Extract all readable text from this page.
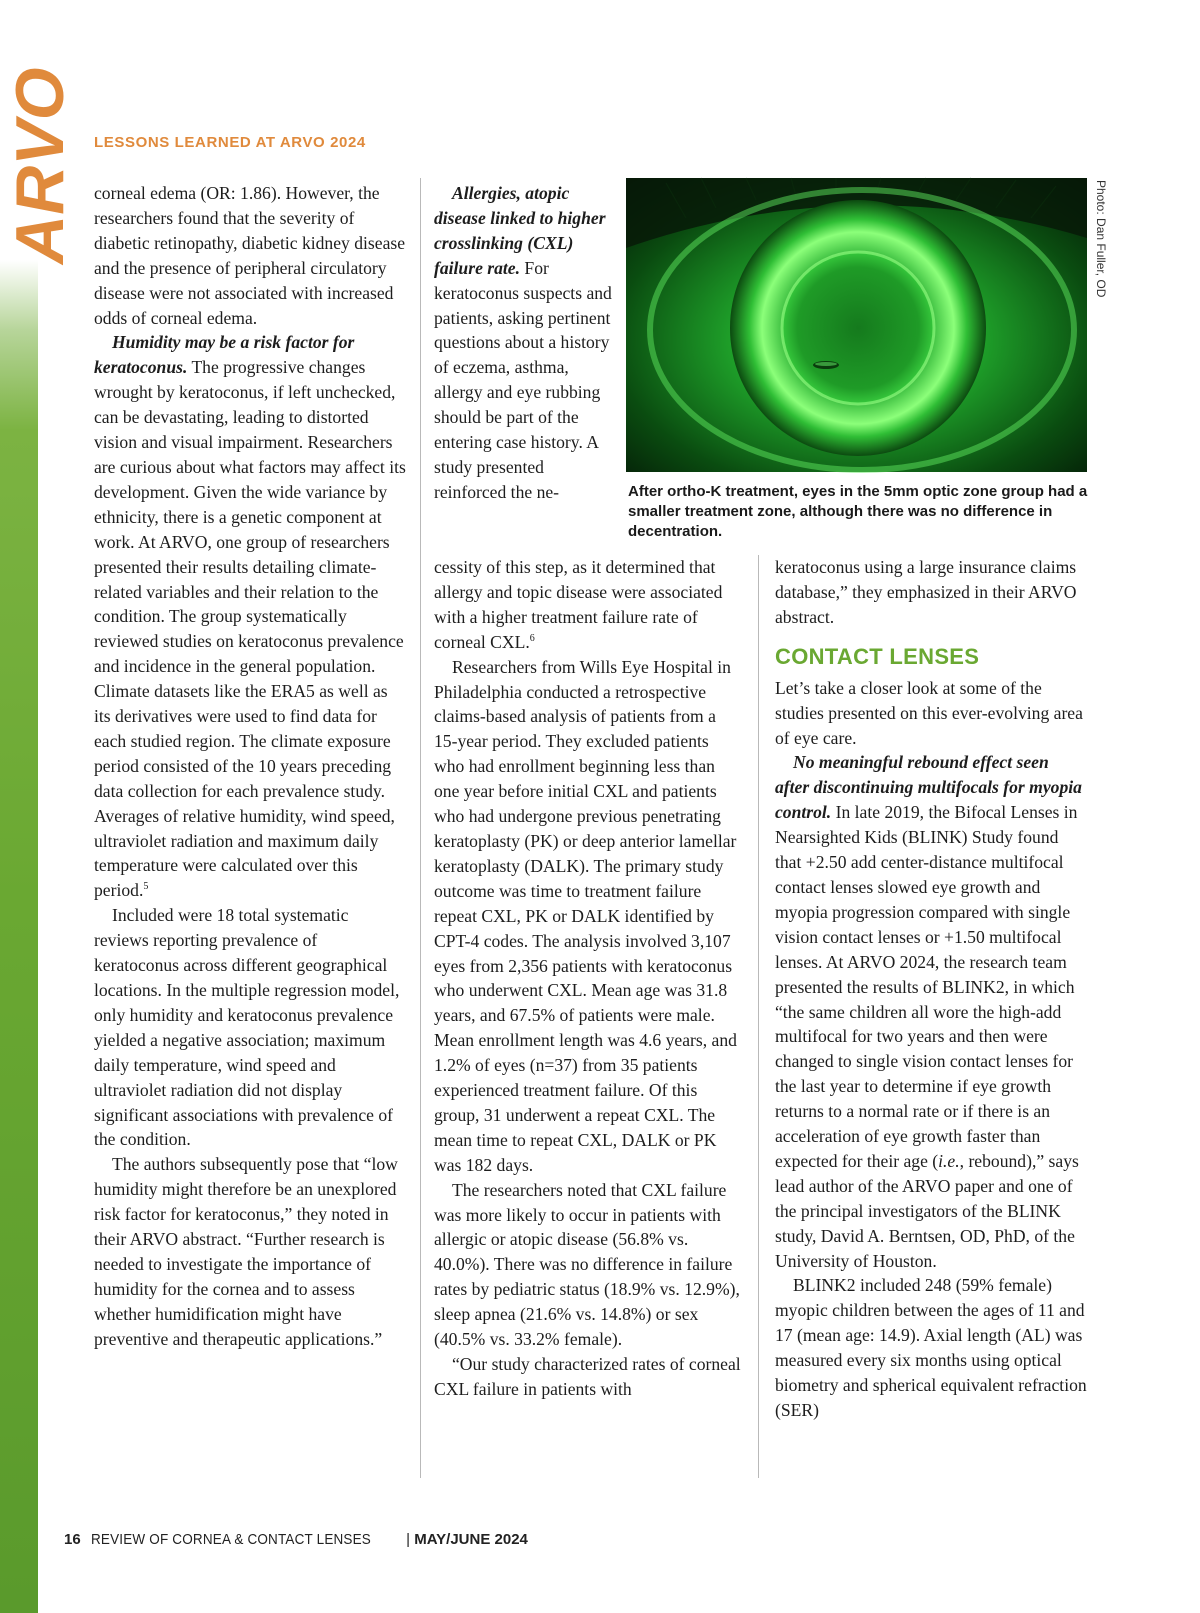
ARVO LESSONS LEARNED AT ARVO 2024

corneal edema (OR: 1.86). However, the researchers found that the severity of diabetic retinopathy, diabetic kidney disease and the presence of peripheral circulatory disease were not associated with increased odds of corneal edema.

Humidity may be a risk factor for keratoconus. The progressive changes wrought by keratoconus, if left unchecked, can be devastating, leading to distorted vision and visual impairment. Researchers are curious about what factors may affect its development. Given the wide variance by ethnicity, there is a genetic component at work. At ARVO, one group of researchers presented their results detailing climate-related variables and their relation to the condition. The group systematically reviewed studies on keratoconus prevalence and incidence in the general population. Climate datasets like the ERA5 as well as its derivatives were used to find data for each studied region. The climate exposure period consisted of the 10 years preceding data collection for each prevalence study. Averages of relative humidity, wind speed, ultraviolet radiation and maximum daily temperature were calculated over this period.$^5$

Included were 18 total systematic reviews reporting prevalence of keratoconus across different geographical locations. In the multiple regression model, only humidity and keratoconus prevalence yielded a negative association; maximum daily temperature, wind speed and ultraviolet radiation did not display significant associations with prevalence of the condition.

The authors subsequently pose that “low humidity might therefore be an unexplored risk factor for keratoconus,” they noted in their ARVO abstract. “Further research is needed to investigate the importance of humidity for the cornea and to assess whether humidification might have preventive and therapeutic applications.”

Allergies, atopic disease linked to higher crosslinking (CXL) failure rate. For keratoconus suspects and patients, asking pertinent questions about a history of eczema, asthma, allergy and eye rubbing should be part of the entering case history. A study presented reinforced the ne-

Photo: Dan Fuller, OD
After ortho-K treatment, eyes in the 5mm optic zone group had a smaller treatment zone, although there was no difference in decentration.

cessity of this step, as it determined that allergy and topic disease were associated with a higher treatment failure rate of corneal CXL.$^6$

Researchers from Wills Eye Hospital in Philadelphia conducted a retrospective claims-based analysis of patients from a 15-year period. They excluded patients who had enrollment beginning less than one year before initial CXL and patients who had undergone previous penetrating keratoplasty (PK) or deep anterior lamellar keratoplasty (DALK). The primary study outcome was time to treatment failure repeat CXL, PK or DALK identified by CPT-4 codes. The analysis involved 3,107 eyes from 2,356 patients with keratoconus who underwent CXL. Mean age was 31.8 years, and 67.5% of patients were male. Mean enrollment length was 4.6 years, and 1.2% of eyes (n=37) from 35 patients experienced treatment failure. Of this group, 31 underwent a repeat CXL. The mean time to repeat CXL, DALK or PK was 182 days.

The researchers noted that CXL failure was more likely to occur in patients with allergic or atopic disease (56.8% vs. 40.0%). There was no difference in failure rates by pediatric status (18.9% vs. 12.9%), sleep apnea (21.6% vs. 14.8%) or sex (40.5% vs. 33.2% female).

“Our study characterized rates of corneal CXL failure in patients with

keratoconus using a large insurance claims database,” they emphasized in their ARVO abstract.

CONTACT LENSES

Let’s take a closer look at some of the studies presented on this ever-evolving area of eye care.

No meaningful rebound effect seen after discontinuing multifocals for myopia control. In late 2019, the Bifocal Lenses in Nearsighted Kids (BLINK) Study found that +2.50 add center-distance multifocal contact lenses slowed eye growth and myopia progression compared with single vision contact lenses or +1.50 multifocal lenses. At ARVO 2024, the research team presented the results of BLINK2, in which “the same children all wore the high-add multifocal for two years and then were changed to single vision contact lenses for the last year to determine if eye growth returns to a normal rate or if there is an acceleration of eye growth faster than expected for their age (i.e., rebound),” says lead author of the ARVO paper and one of the principal investigators of the BLINK study, David A. Berntsen, OD, PhD, of the University of Houston.

BLINK2 included 248 (59% female) myopic children between the ages of 11 and 17 (mean age: 14.9). Axial length (AL) was measured every six months using optical biometry and spherical equivalent refraction (SER)

16 REVIEW OF CORNEA & CONTACT LENSES | MAY/JUNE 2024
